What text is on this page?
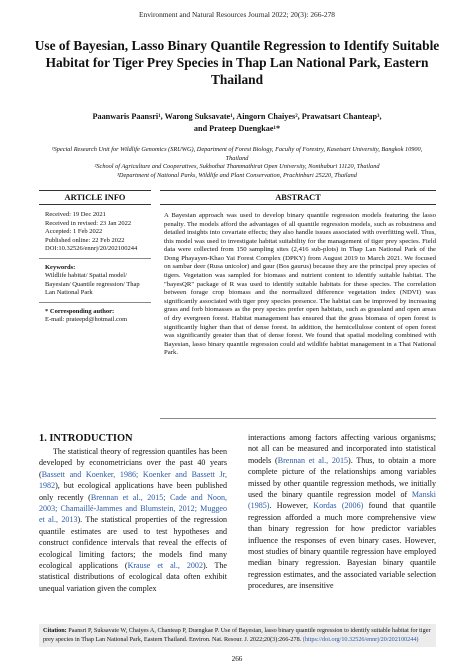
Environment and Natural Resources Journal 2022; 20(3): 266-278
Use of Bayesian, Lasso Binary Quantile Regression to Identify Suitable Habitat for Tiger Prey Species in Thap Lan National Park, Eastern Thailand
Paanwaris Paansri¹, Warong Suksavate¹, Aingorn Chaiyes², Prawatsart Chanteap³,
and Prateep Duengkae¹*
¹Special Research Unit for Wildlife Genomics (SRUWG), Department of Forest Biology, Faculty of Forestry, Kasetsart University, Bangkok 10900, Thailand
²School of Agriculture and Cooperatives, Sukhothai Thammathirat Open University, Nonthaburi 11120, Thailand
³Department of National Parks, Wildlife and Plant Conservation, Prachinburi 25220, Thailand
ARTICLE INFO
Received: 19 Dec 2021
Received in revised: 23 Jan 2022
Accepted: 1 Feb 2022
Published online: 22 Feb 2022
DOI:10.32526/ennrj/20/202100244
Keywords:
Wildlife habitat/ Spatial model/ Bayesian/ Quantile regression/ Thap Lan National Park
* Corresponding author:
E-mail: prateepd@hotmail.com
ABSTRACT
A Bayesian approach was used to develop binary quantile regression models featuring the lasso penalty. The models afford the advantages of all quantile regression models, such as robustness and detailed insights into covariate effects; they also handle issues associated with overfitting well. Thus, this model was used to investigate habitat suitability for the management of tiger prey species. Field data were collected from 150 sampling sites (2,416 sub-plots) in Thap Lan National Park of the Dong Phayayen-Khao Yai Forest Complex (DPKY) from August 2019 to March 2021. We focused on sambar deer (Rusa unicolor) and gaur (Bos gaurus) because they are the principal prey species of tigers. Vegetation was sampled for biomass and nutrient content to identify suitable habitat. The "bayesQR" package of R was used to identify suitable habitats for these species. The correlation between forage crop biomass and the normalized difference vegetation index (NDVI) was significantly associated with tiger prey species presence. The habitat can be improved by increasing grass and forb biomasses as the prey species prefer open habitats, such as grassland and open areas of dry evergreen forest. Habitat management has ensured that the grass biomass of open forest is significantly higher than that of dense forest. In addition, the hemicellulose content of open forest was significantly greater than that of dense forest. We found that spatial modeling combined with Bayesian, lasso binary quantile regression could aid wildlife habitat management in a Thai National Park.
1. INTRODUCTION
The statistical theory of regression quantiles has been developed by econometricians over the past 40 years (Bassett and Koenker, 1986; Koenker and Bassett Jr, 1982), but ecological applications have been published only recently (Brennan et al., 2015; Cade and Noon, 2003; Chamaillé-Jammes and Blumstein, 2012; Muggeo et al., 2013). The statistical properties of the regression quantile estimates are used to test hypotheses and construct confidence intervals that reveal the effects of ecological limiting factors; the models find many ecological applications (Krause et al., 2002). The statistical distributions of ecological data often exhibit unequal variation given the complex
interactions among factors affecting various organisms; not all can be measured and incorporated into statistical models (Brennan et al., 2015). Thus, to obtain a more complete picture of the relationships among variables missed by other quantile regression methods, we initially used the binary quantile regression model of Manski (1985). However, Kordas (2006) found that quantile regression afforded a much more comprehensive view than binary regression for how predictor variables influence the responses of even binary cases. However, most studies of binary quantile regression have employed median binary regression. Bayesian binary quantile regression estimates, and the associated variable selection procedures, are insensitive
Citation: Paansri P, Suksavate W, Chaiyes A, Chanteap P, Duengkae P. Use of Bayesian, lasso binary quantile regression to identify suitable habitat for tiger prey species in Thap Lan National Park, Eastern Thailand. Environ. Nat. Resour. J. 2022;20(3):266-278. (https://doi.org/10.32526/ennrj/20/202100244)
266
